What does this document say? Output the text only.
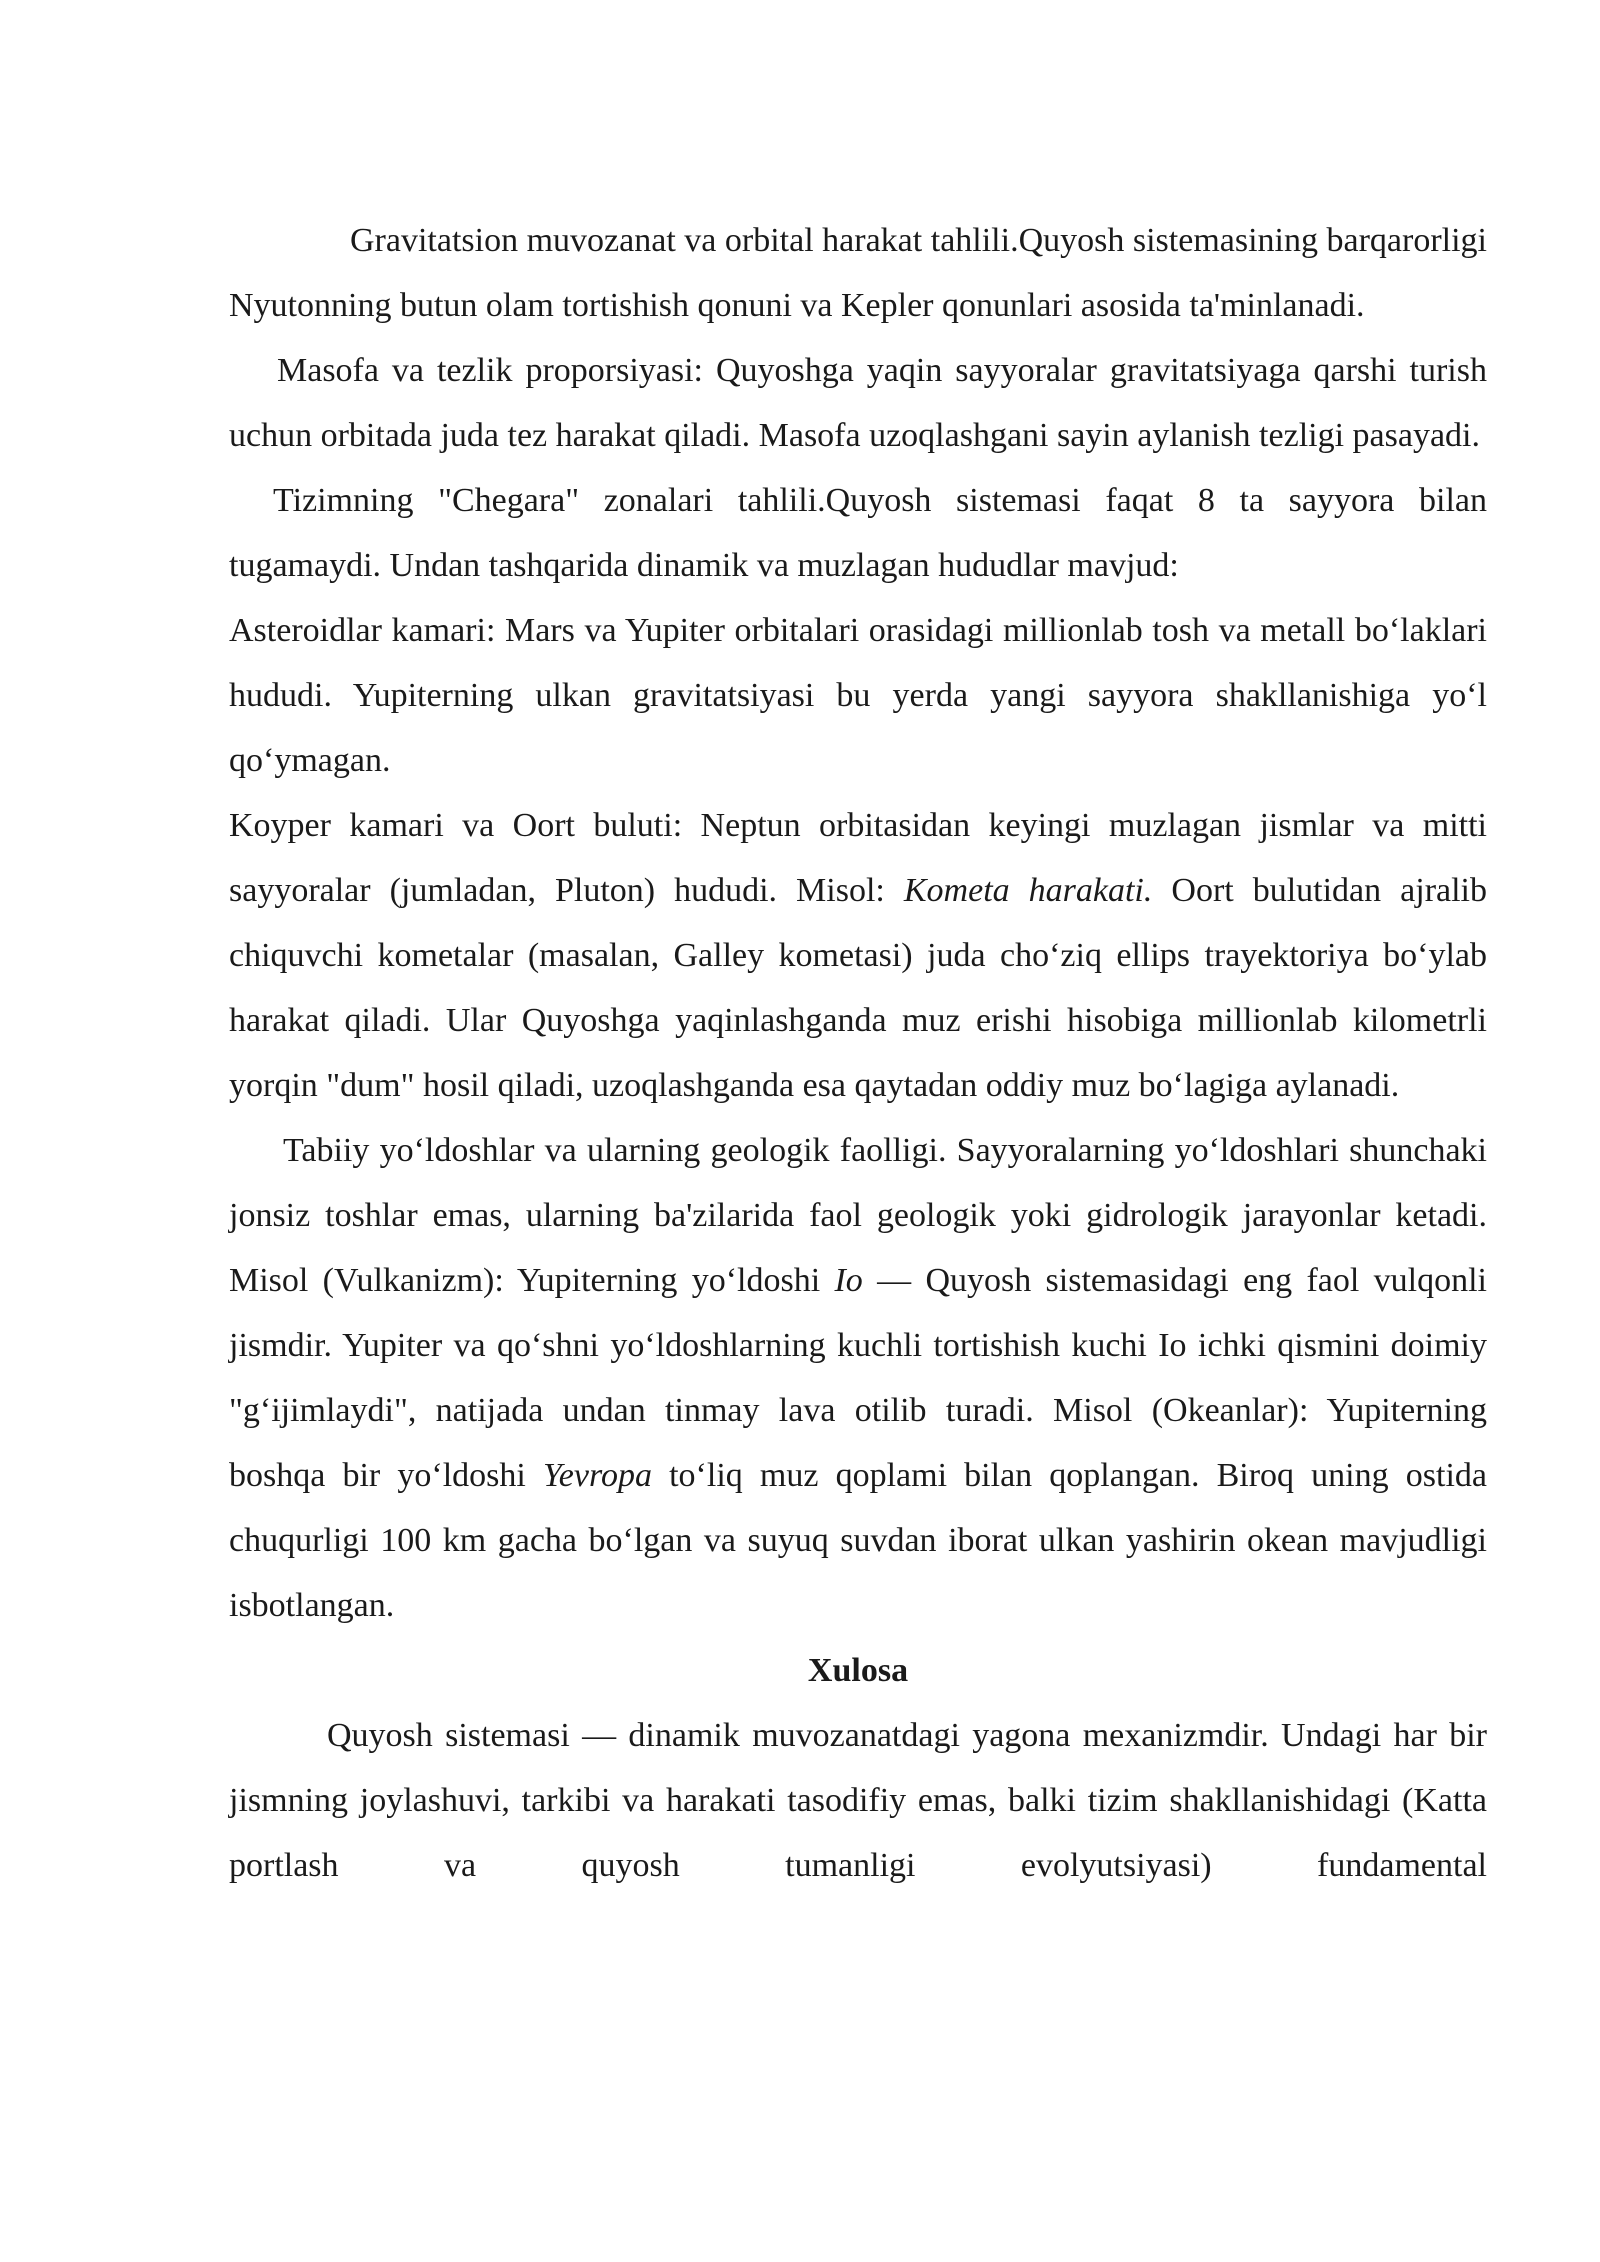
Gravitatsion muvozanat va orbital harakat tahlili.Quyosh sistemasining barqarorligi Nyutonning butun olam tortishish qonuni va Kepler qonunlari asosida ta'minlanadi.

Masofa va tezlik proporsiyasi: Quyoshga yaqin sayyoralar gravitatsiyaga qarshi turish uchun orbitada juda tez harakat qiladi. Masofa uzoqlashgani sayin aylanish tezligi pasayadi.

Tizimning "Chegara" zonalari tahlili.Quyosh sistemasi faqat 8 ta sayyora bilan tugamaydi. Undan tashqarida dinamik va muzlagan hududlar mavjud:

Asteroidlar kamari: Mars va Yupiter orbitalari orasidagi millionlab tosh va metall bo‘laklari hududi. Yupiterning ulkan gravitatsiyasi bu yerda yangi sayyora shakllanishiga yo‘l qo‘ymagan.

Koyper kamari va Oort buluti: Neptun orbitasidan keyingi muzlagan jismlar va mitti sayyoralar (jumladan, Pluton) hududi. Misol: Kometa harakati. Oort bulutidan ajralib chiquvchi kometalar (masalan, Galley kometasi) juda cho‘ziq ellips trayektoriya bo‘ylab harakat qiladi. Ular Quyoshga yaqinlashganda muz erishi hisobiga millionlab kilometrli yorqin "dum" hosil qiladi, uzoqlashganda esa qaytadan oddiy muz bo‘lagiga aylanadi.

Tabiiy yo‘ldoshlar va ularning geologik faolligi. Sayyoralarning yo‘ldoshlari shunchaki jonsiz toshlar emas, ularning ba'zilarida faol geologik yoki gidrologik jarayonlar ketadi. Misol (Vulkanizm): Yupiterning yo‘ldoshi Io — Quyosh sistemasidagi eng faol vulqonli jismdir. Yupiter va qo‘shni yo‘ldoshlarning kuchli tortishish kuchi Io ichki qismini doimiy "g‘ijimlaydi", natijada undan tinmay lava otilib turadi. Misol (Okeanlar): Yupiterning boshqa bir yo‘ldoshi Yevropa to‘liq muz qoplami bilan qoplangan. Biroq uning ostida chuqurligi 100 km gacha bo‘lgan va suyuq suvdan iborat ulkan yashirin okean mavjudligi isbotlangan.

Xulosa

Quyosh sistemasi — dinamik muvozanatdagi yagona mexanizmdir. Undagi har bir jismning joylashuvi, tarkibi va harakati tasodifiy emas, balki tizim shakllanishidagi (Katta portlash va quyosh tumanligi evolyutsiyasi) fundamental
